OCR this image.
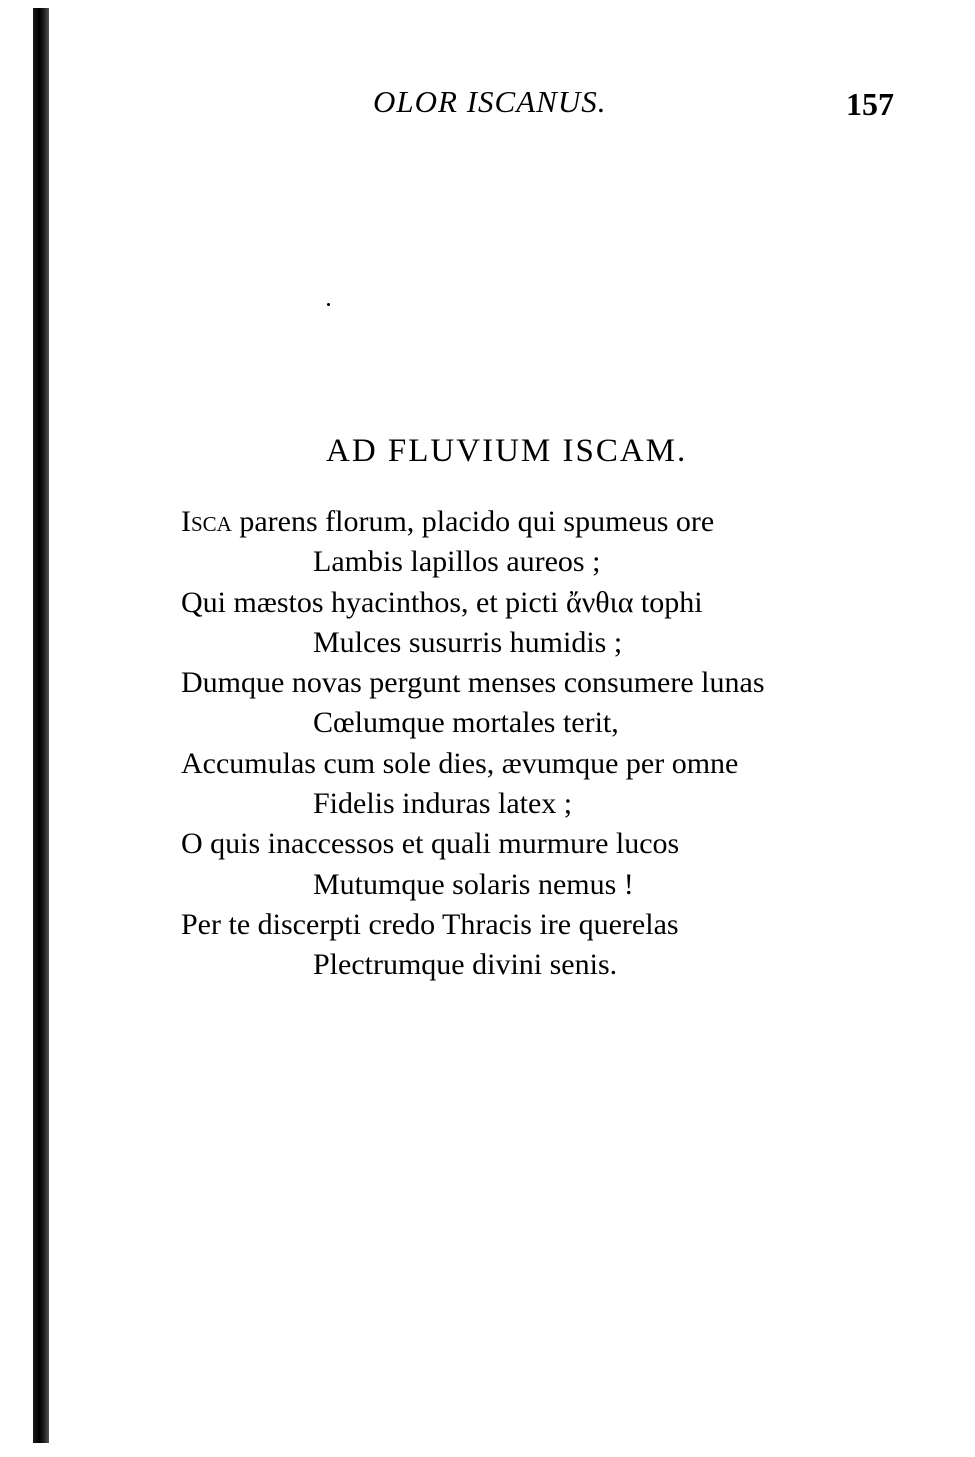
OLOR ISCANUS.	157
AD FLUVIUM ISCAM.
Isca parens florum, placido qui spumeus ore
Lambis lapillos aureos ;
Qui mæstos hyacinthos, et picti ἄνθια tophi
Mulces susurris humidis ;
Dumque novas pergunt menses consumere lunas
Cœlumque mortales terit,
Accumulas cum sole dies, ævumque per omne
Fidelis induras latex ;
O quis inaccessos et quali murmure lucos
Mutumque solaris nemus !
Per te discerpti credo Thracis ire querelas
Plectrumque divini senis.
